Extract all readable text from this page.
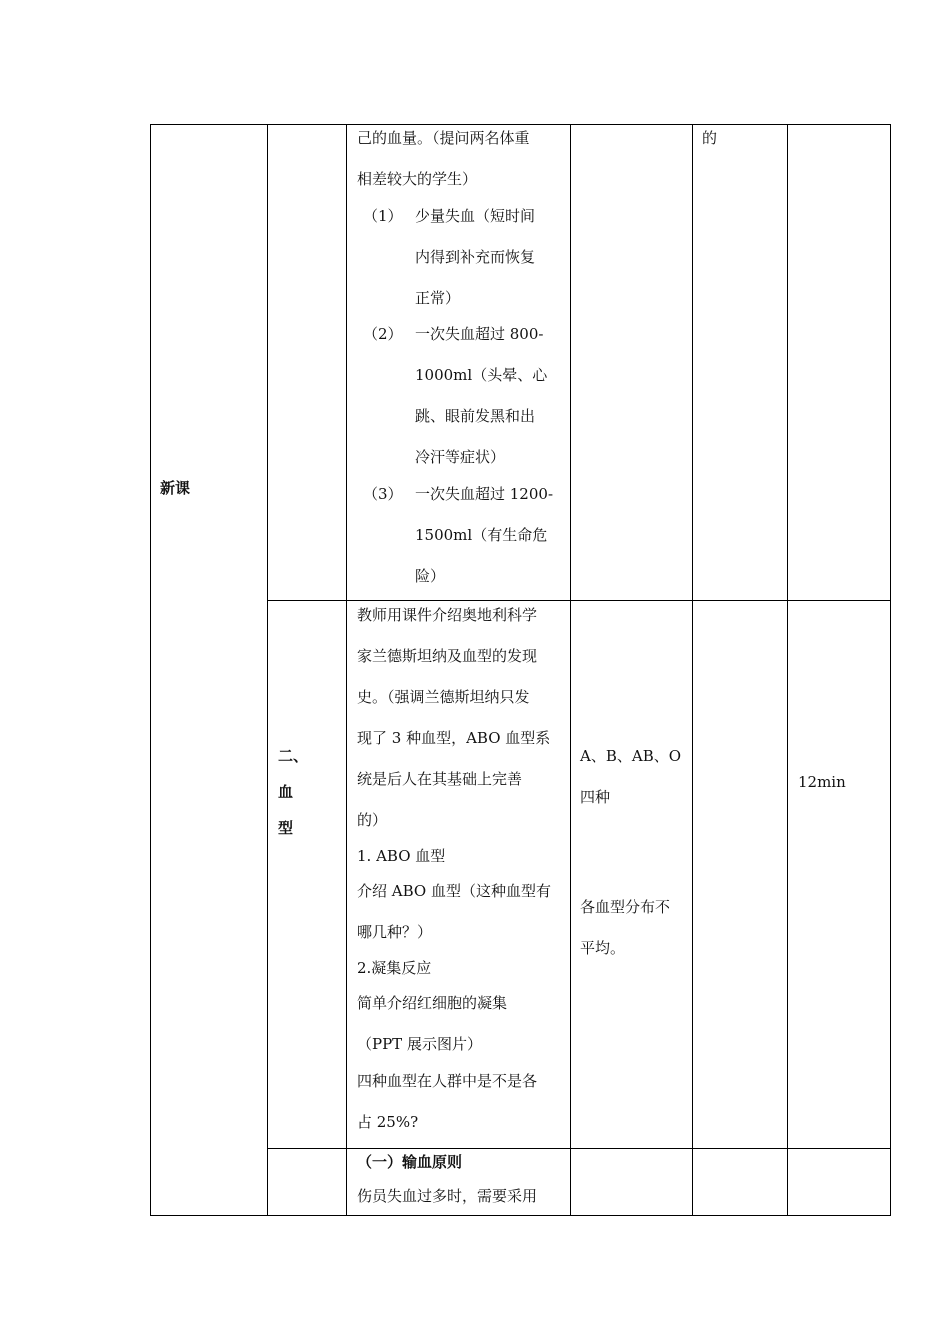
新课
己的血量。（提问两名体重
相差较大的学生）
（1） 少量失血（短时间
内得到补充而恢复
正常）
（2） 一次失血超过 800-
1000ml（头晕、心
跳、眼前发黑和出
冷汗等症状）
（3） 一次失血超过 1200-
1500ml（有生命危
险）
的
二、
血
型
教师用课件介绍奥地利科学
家兰德斯坦纳及血型的发现
史。（强调兰德斯坦纳只发
现了 3 种血型，ABO 血型系
统是后人在其基础上完善
的）
1. ABO 血型
介绍 ABO 血型（这种血型有
哪几种？）
2.凝集反应
简单介绍红细胞的凝集
（PPT 展示图片）
四种血型在人群中是不是各
占 25%?
A、B、AB、O
四种
各血型分布不
平均。
12min
（一）输血原则
伤员失血过多时，需要采用
